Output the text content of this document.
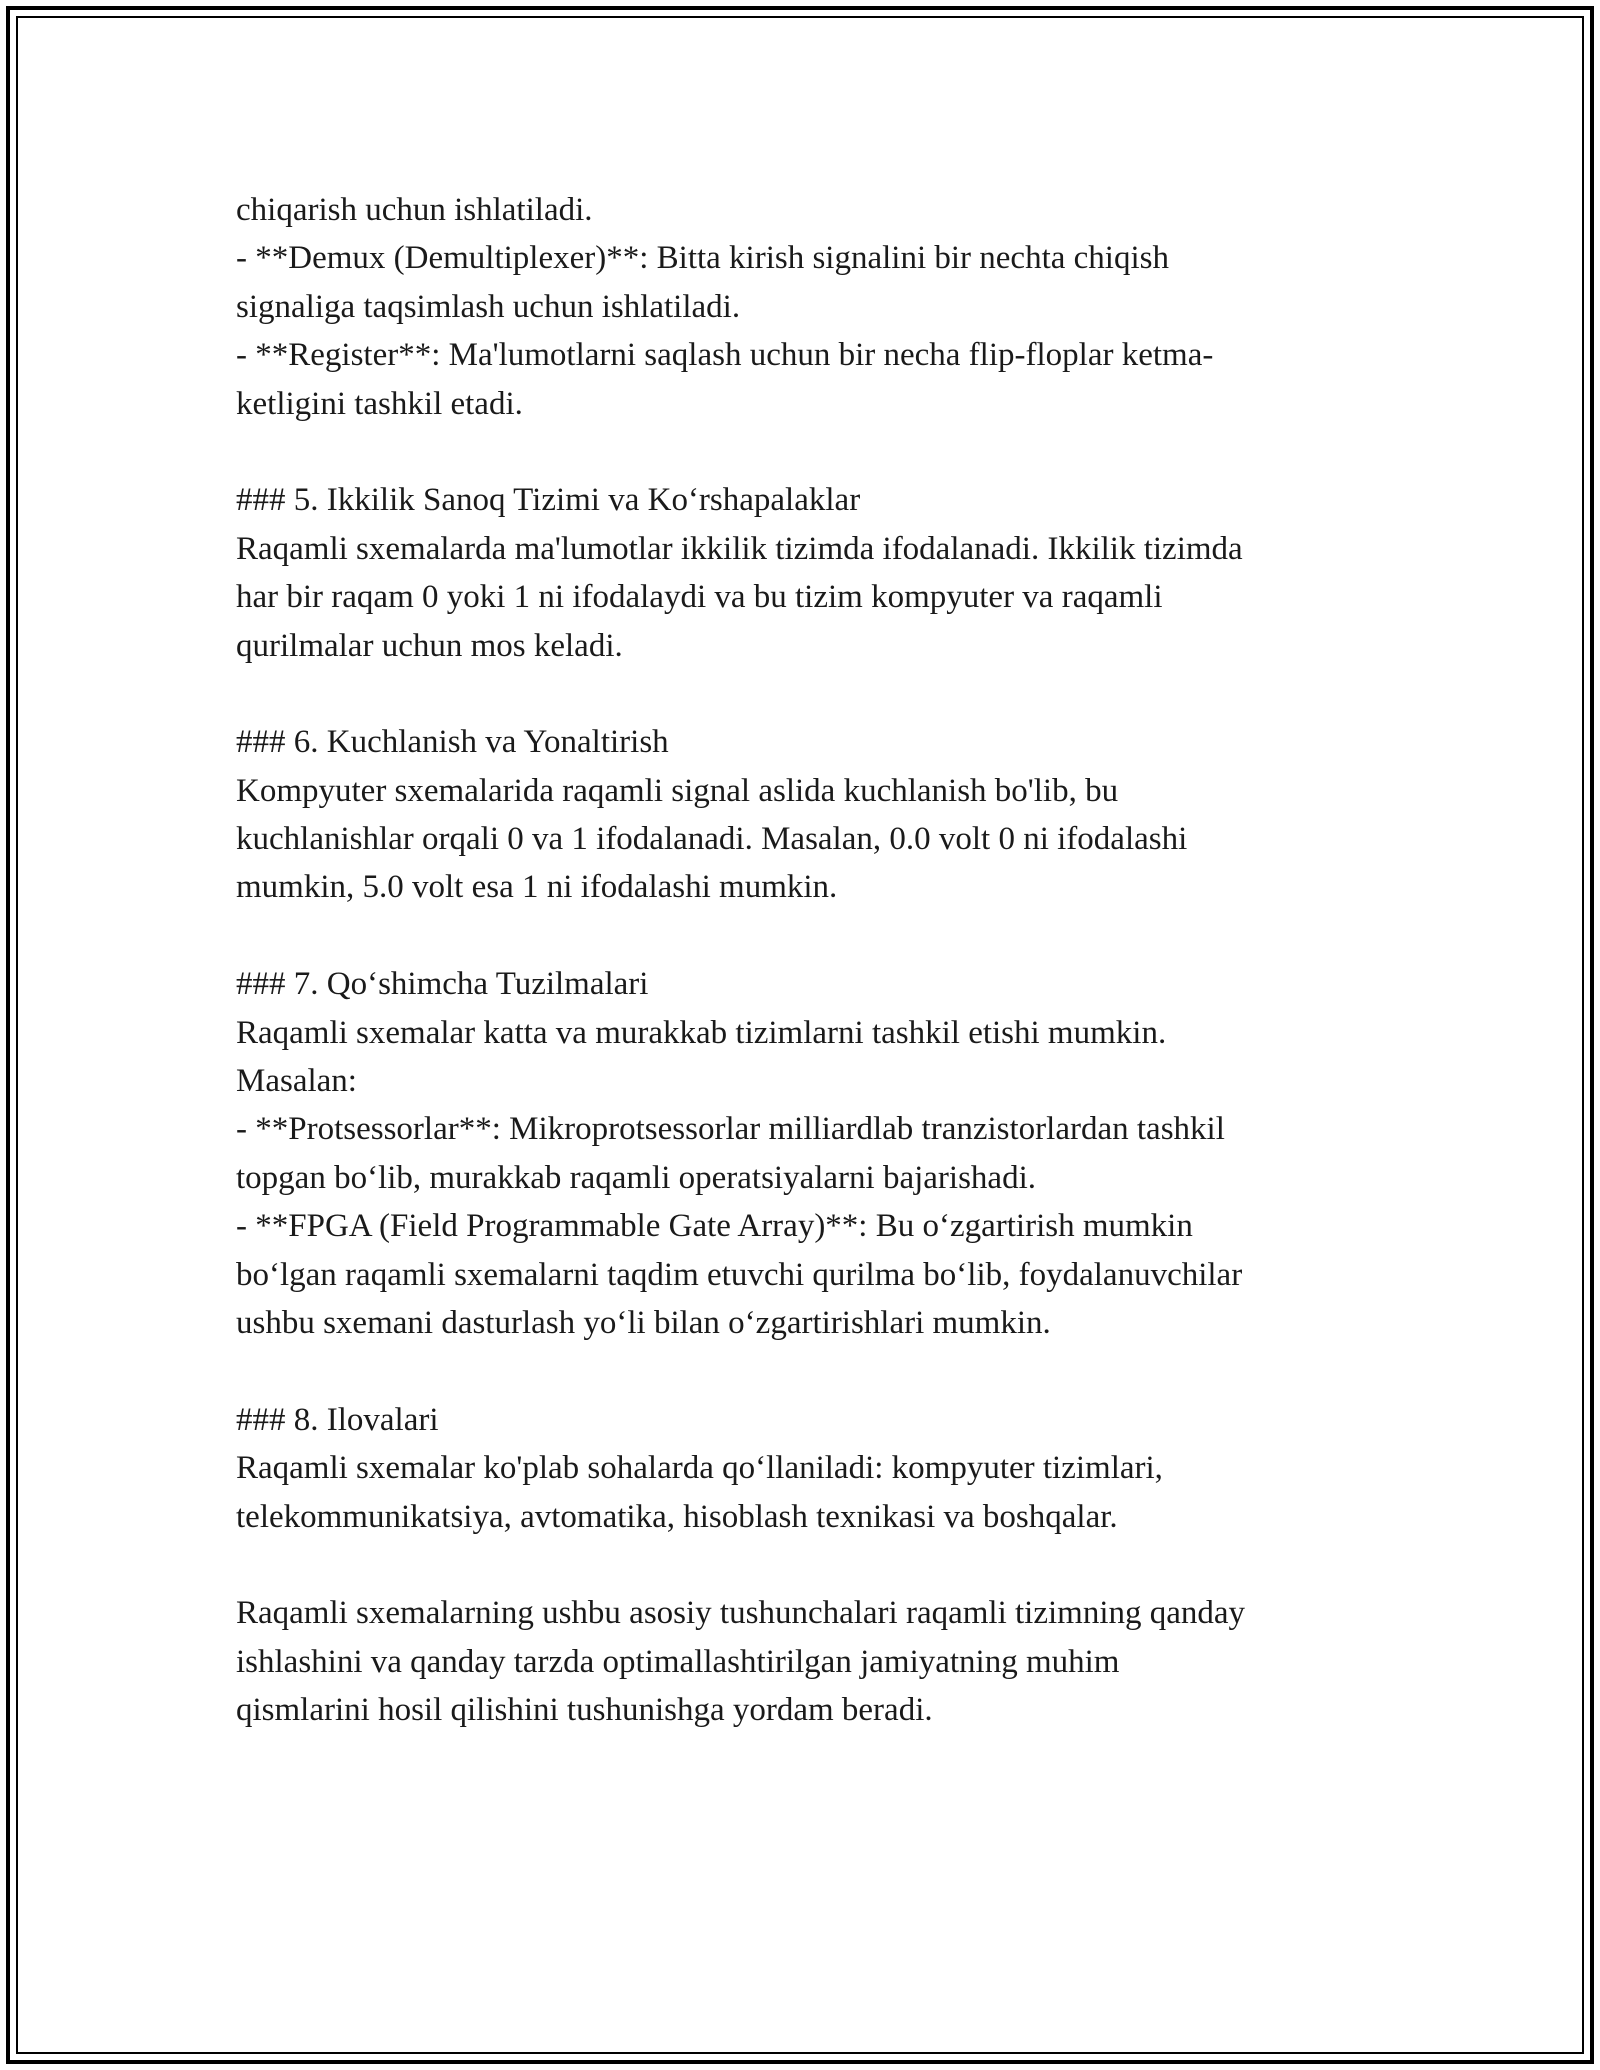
chiqarish uchun ishlatiladi.
- **Demux (Demultiplexer)**: Bitta kirish signalini bir nechta chiqish
signaliga taqsimlash uchun ishlatiladi.
- **Register**: Ma'lumotlarni saqlash uchun bir necha flip-floplar ketma-
ketligini tashkil etadi.
### 5. Ikkilik Sanoq Tizimi va Ko‘rshapalaklar
Raqamli sxemalarda ma'lumotlar ikkilik tizimda ifodalanadi. Ikkilik tizimda
har bir raqam 0 yoki 1 ni ifodalaydi va bu tizim kompyuter va raqamli
qurilmalar uchun mos keladi.
### 6. Kuchlanish va Yonaltirish
Kompyuter sxemalarida raqamli signal aslida kuchlanish bo'lib, bu
kuchlanishlar orqali 0 va 1 ifodalanadi. Masalan, 0.0 volt 0 ni ifodalashi
mumkin, 5.0 volt esa 1 ni ifodalashi mumkin.
### 7. Qo‘shimcha Tuzilmalari
Raqamli sxemalar katta va murakkab tizimlarni tashkil etishi mumkin.
Masalan:
- **Protsessorlar**: Mikroprotsessorlar milliardlab tranzistorlardan tashkil
topgan bo‘lib, murakkab raqamli operatsiyalarni bajarishadi.
- **FPGA (Field Programmable Gate Array)**: Bu o‘zgartirish mumkin
bo‘lgan raqamli sxemalarni taqdim etuvchi qurilma bo‘lib, foydalanuvchilar
ushbu sxemani dasturlash yo‘li bilan o‘zgartirishlari mumkin.
### 8. Ilovalari
Raqamli sxemalar ko'plab sohalarda qo‘llaniladi: kompyuter tizimlari,
telekommunikatsiya, avtomatika, hisoblash texnikasi va boshqalar.
Raqamli sxemalarning ushbu asosiy tushunchalari raqamli tizimning qanday
ishlashini va qanday tarzda optimallashtirilgan jamiyatning muhim
qismlarini hosil qilishini tushunishga yordam beradi.
